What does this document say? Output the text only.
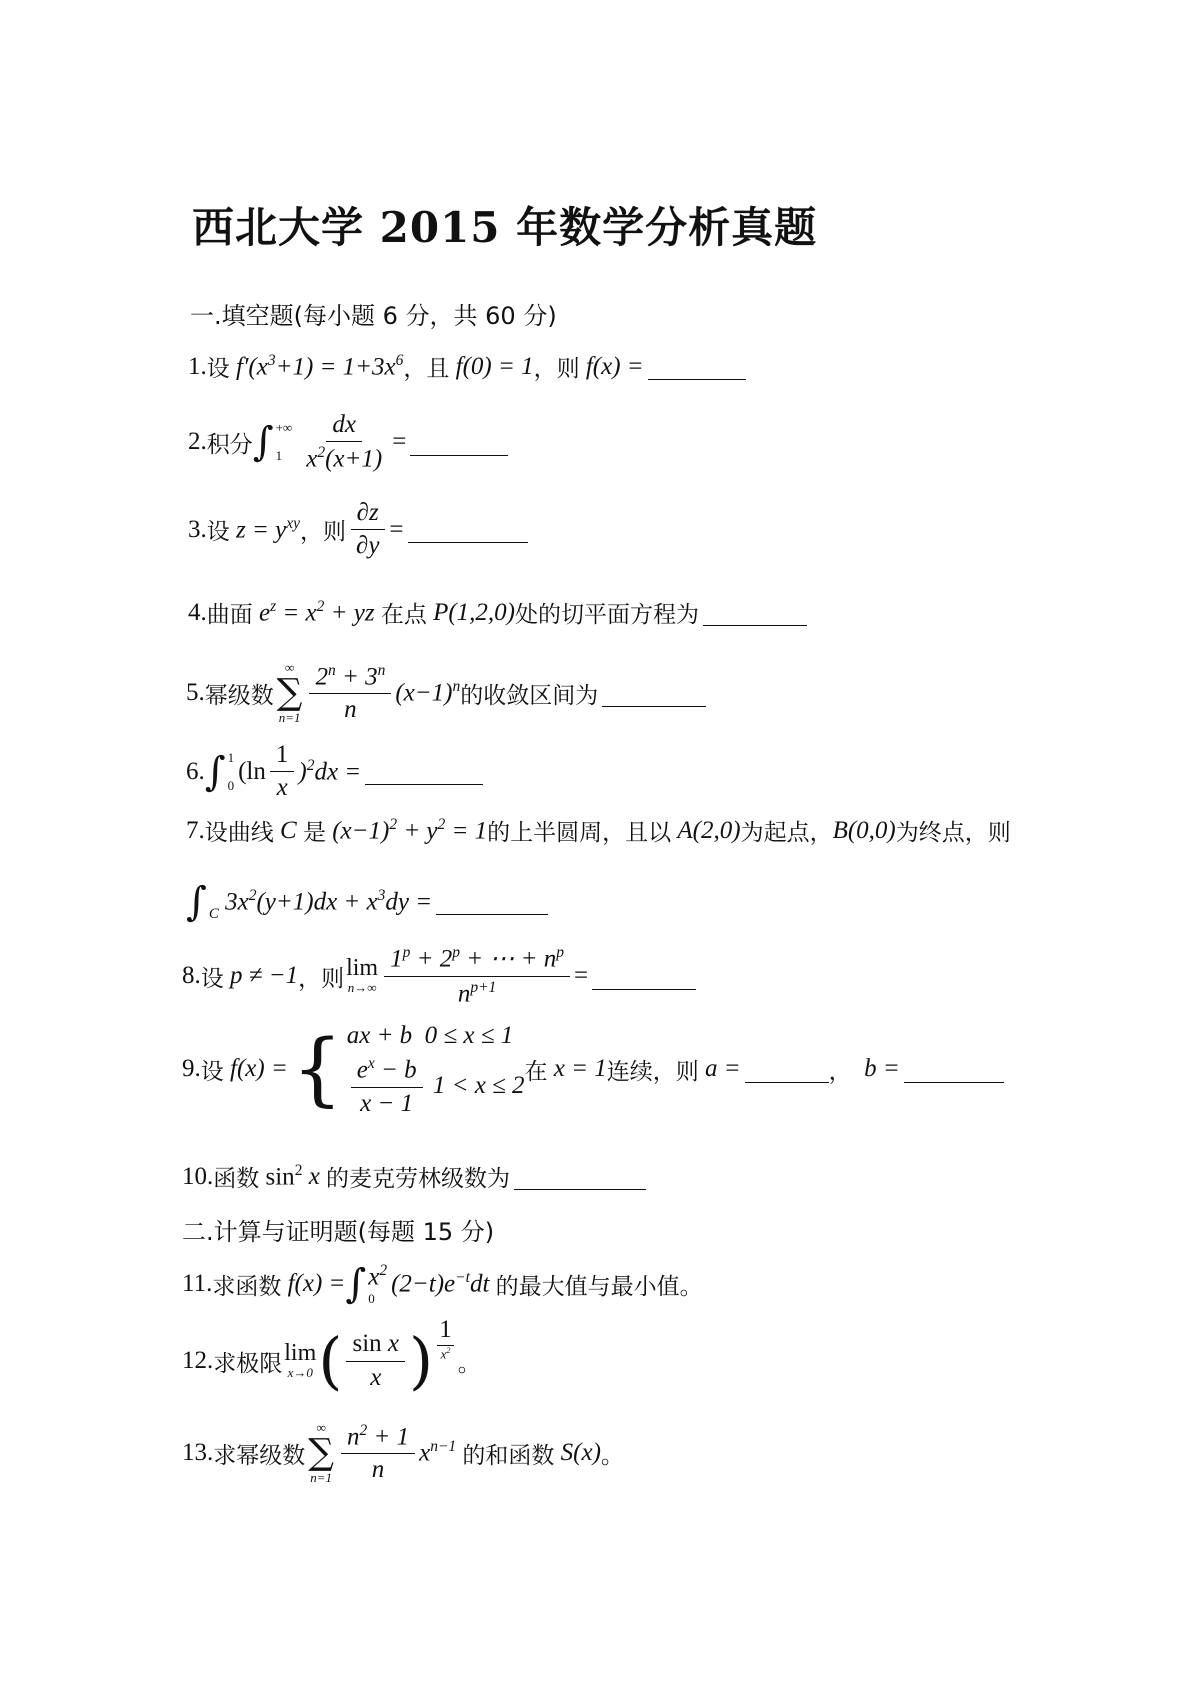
西北大学 2015 年数学分析真题
一.填空题(每小题 6 分，共 60 分)
1. 设 $f'(x^3+1) = 1+3x^6$ ，且 f(0) = 1 ，则 f(x) =
2. 积分 ∫ +∞
$1 \frac{dx}{x^2(x+1)}$ =
3. 设 $z = y^{xy}$ ，则 $\frac{\partial z}{\partial y}$ =
4. 曲面 $e^z = x^2$ + yz 在点 P(1,2,0) 处的切平面方程为
5. 幂级数
∞
∑
$n=1 \frac{2^n + 3^n}{n} (x-1)^n$ 的收敛区间为
6. ∫ 1
0
$(\ln \frac{1}{x} )^2dx$ =
7. 设曲线 C 是 $(x-1)^2 + y^2 = 1$ 的上半圆周，且以 A(2,0) 为起点， B(0,0) 为终点，则
∫ C $3x^2(y+1)dx + x^3dy$ =
8. 设 p ≠ −1 ，则 lim
$n\to\infty \frac{1^p + 2^p + \cdots + n^p}{n^{p+1}}$ =
9. 设 f(x) = { ax + b  0 ≤ x ≤ 1
$\frac{e^x - b}{x - 1} 1 < x \le 2$
在 x = 1 连续，则 a =	， b =
10. 函数 $\sin^2 x$ 的麦克劳林级数为
二.计算与证明题(每题 15 分)
11. 求函数 f(x) = ∫ $x^2$
0
$(2-t)e^{-t}dt$ 的最大值与最小值。
12. 求极限 lim
x→0 ( $\frac{\text{sin x}}{x}$ ) $\frac{1}{x^2}$
。
13. 求幂级数
∞
∑
$n=1 \frac{n^2 + 1}{n} x^{n-1}$ 的和函数 S(x) 。
